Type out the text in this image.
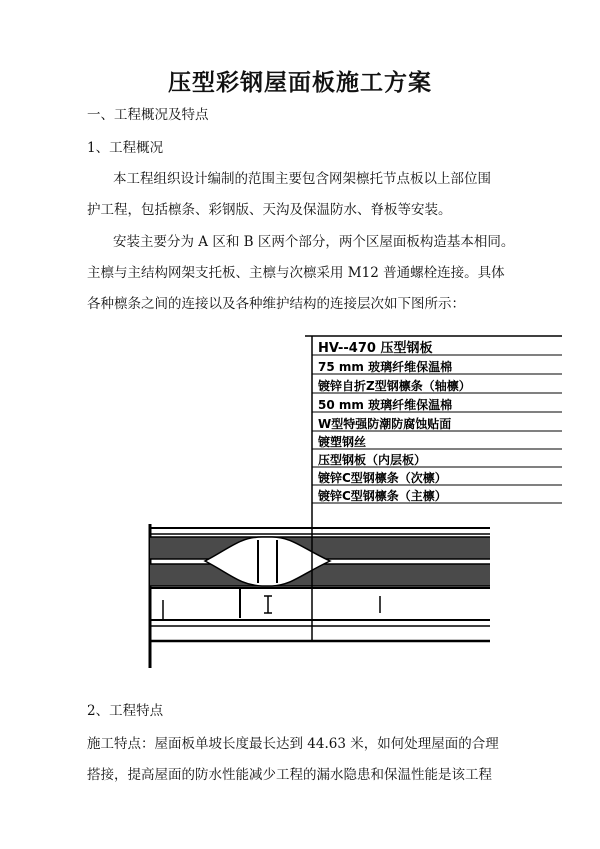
压型彩钢屋面板施工方案
一、工程概况及特点
1、工程概况
本工程组织设计编制的范围主要包含网架檩托节点板以上部位围
护工程，包括檩条、彩钢版、天沟及保温防水、脊板等安装。
安装主要分为 A 区和 B 区两个部分，两个区屋面板构造基本相同。
主檩与主结构网架支托板、主檩与次檩采用 M12 普通螺栓连接。具体
各种檩条之间的连接以及各种维护结构的连接层次如下图所示：
HV--470 压型钢板
75 mm 玻璃纤维保温棉
镀锌自折Z型钢檩条（轴檩）
50 mm 玻璃纤维保温棉
W型特强防潮防腐蚀贴面
镀塑钢丝
压型钢板（内层板）
镀锌C型钢檩条（次檩）
镀锌C型钢檩条（主檩）
2、工程特点
施工特点：屋面板单坡长度最长达到 44.63 米，如何处理屋面的合理
搭接，提高屋面的防水性能减少工程的漏水隐患和保温性能是该工程
